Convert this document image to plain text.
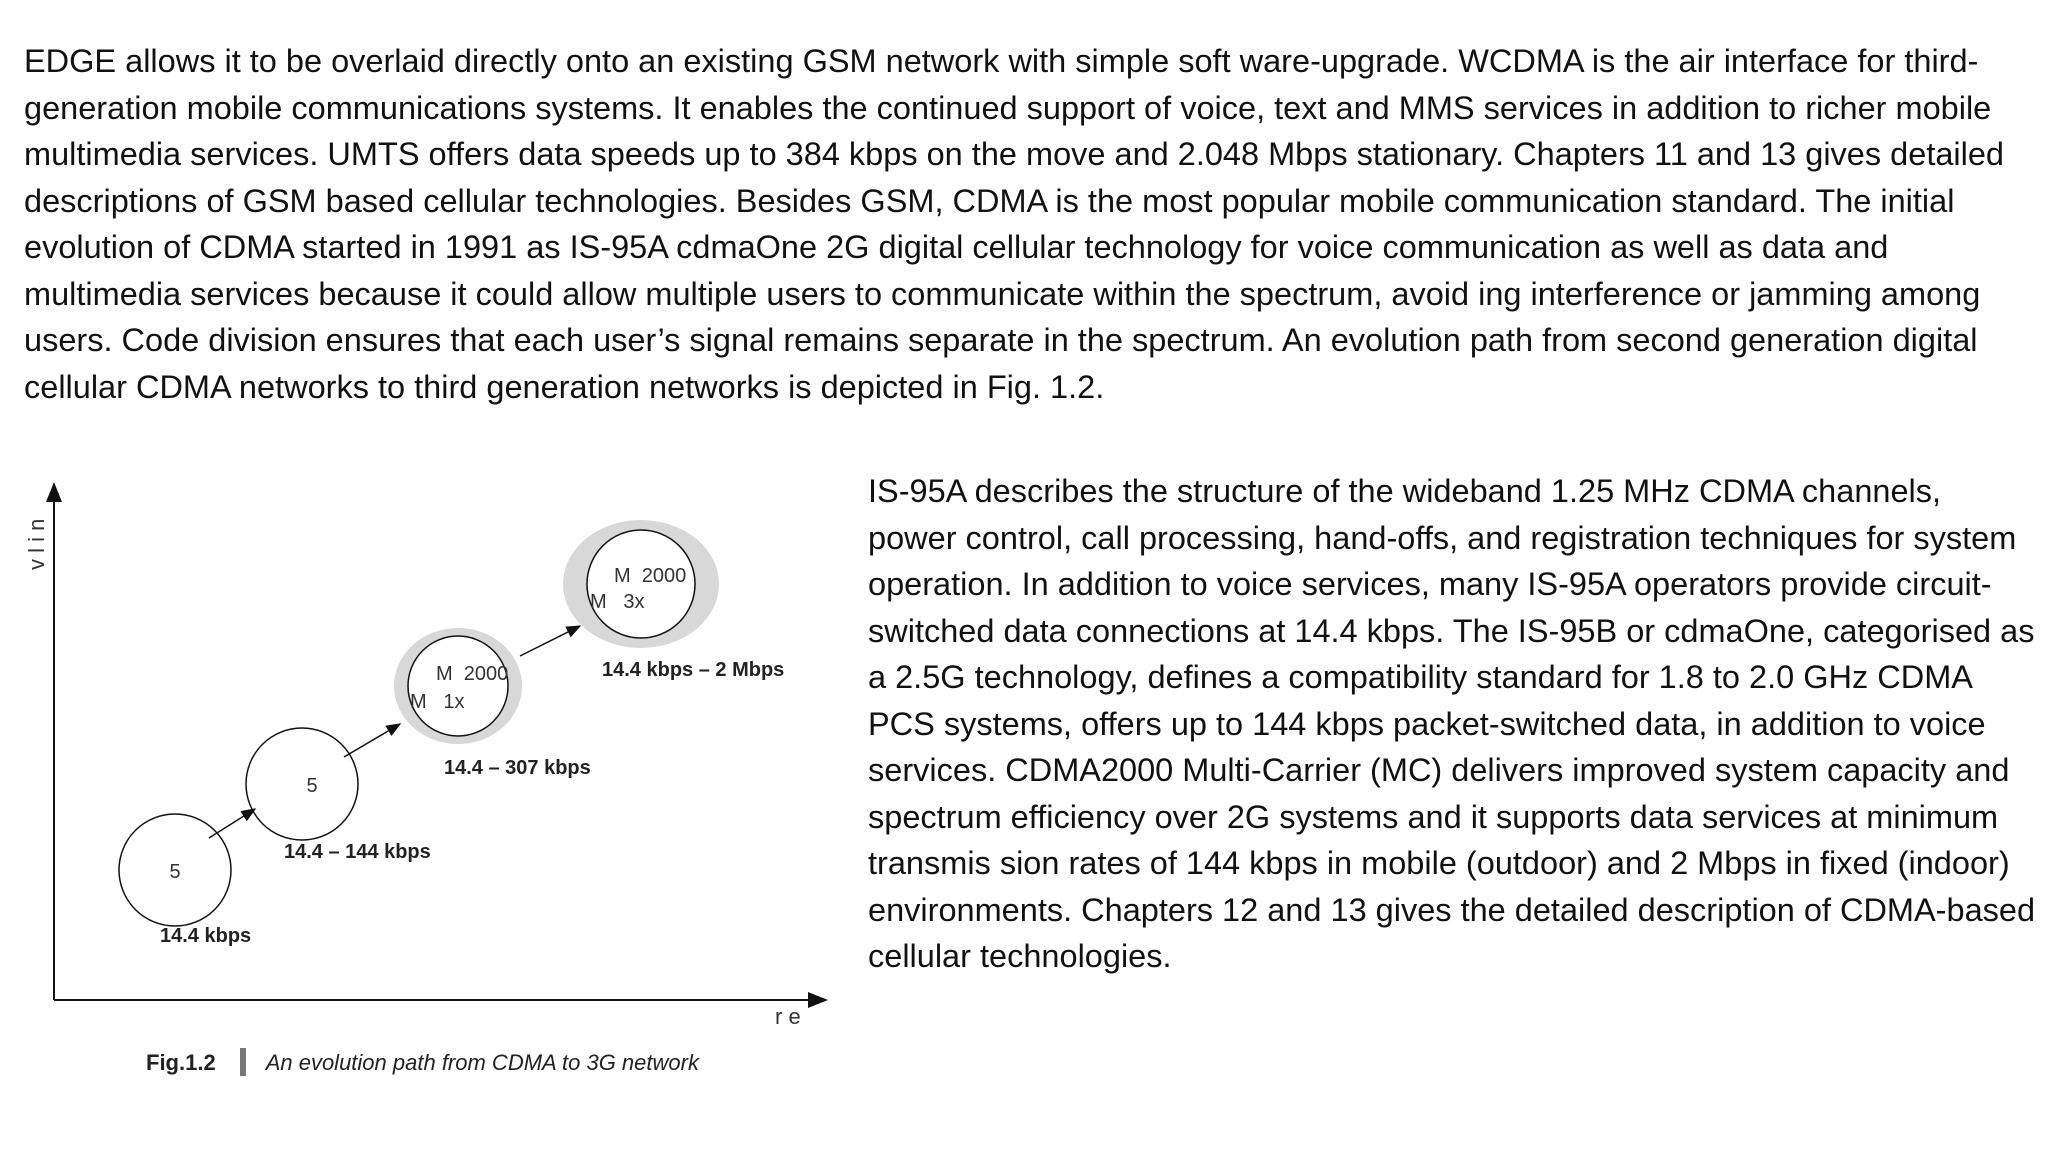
EDGE allows it to be overlaid directly onto an existing GSM network with simple soft ware-upgrade. WCDMA is the air interface for third-generation mobile communications systems. It enables the continued support of voice, text and MMS services in addition to richer mobile multimedia services. UMTS offers data speeds up to 384 kbps on the move and 2.048 Mbps stationary. Chapters 11 and 13 gives detailed descriptions of GSM based cellular technologies. Besides GSM, CDMA is the most popular mobile communication standard. The initial evolution of CDMA started in 1991 as IS-95A cdmaOne 2G digital cellular technology for voice communication as well as data and multimedia services because it could allow multiple users to communicate within the spectrum, avoid ing interference or jamming among users. Code division ensures that each user’s signal remains separate in the spectrum. An evolution path from second generation digital cellular CDMA networks to third generation networks is depicted in Fig. 1.2.

v l i n
r e
5
14.4 kbps
5
14.4 – 144 kbps
M  2000
M   1x
14.4 – 307 kbps
M  2000
M   3x
14.4 kbps – 2 Mbps
Fig.1.2 An evolution path from CDMA to 3G network

IS-95A describes the structure of the wideband 1.25 MHz CDMA channels, power control, call processing, hand-offs, and registration techniques for system operation. In addition to voice services, many IS-95A operators provide circuit-switched data connections at 14.4 kbps. The IS-95B or cdmaOne, categorised as a 2.5G technology, defines a compatibility standard for 1.8 to 2.0 GHz CDMA PCS systems, offers up to 144 kbps packet-switched data, in addition to voice services. CDMA2000 Multi-Carrier (MC) delivers improved system capacity and spectrum efficiency over 2G systems and it supports data services at minimum transmis sion rates of 144 kbps in mobile (outdoor) and 2 Mbps in fixed (indoor) environments. Chapters 12 and 13 gives the detailed description of CDMA-based cellular technologies.
